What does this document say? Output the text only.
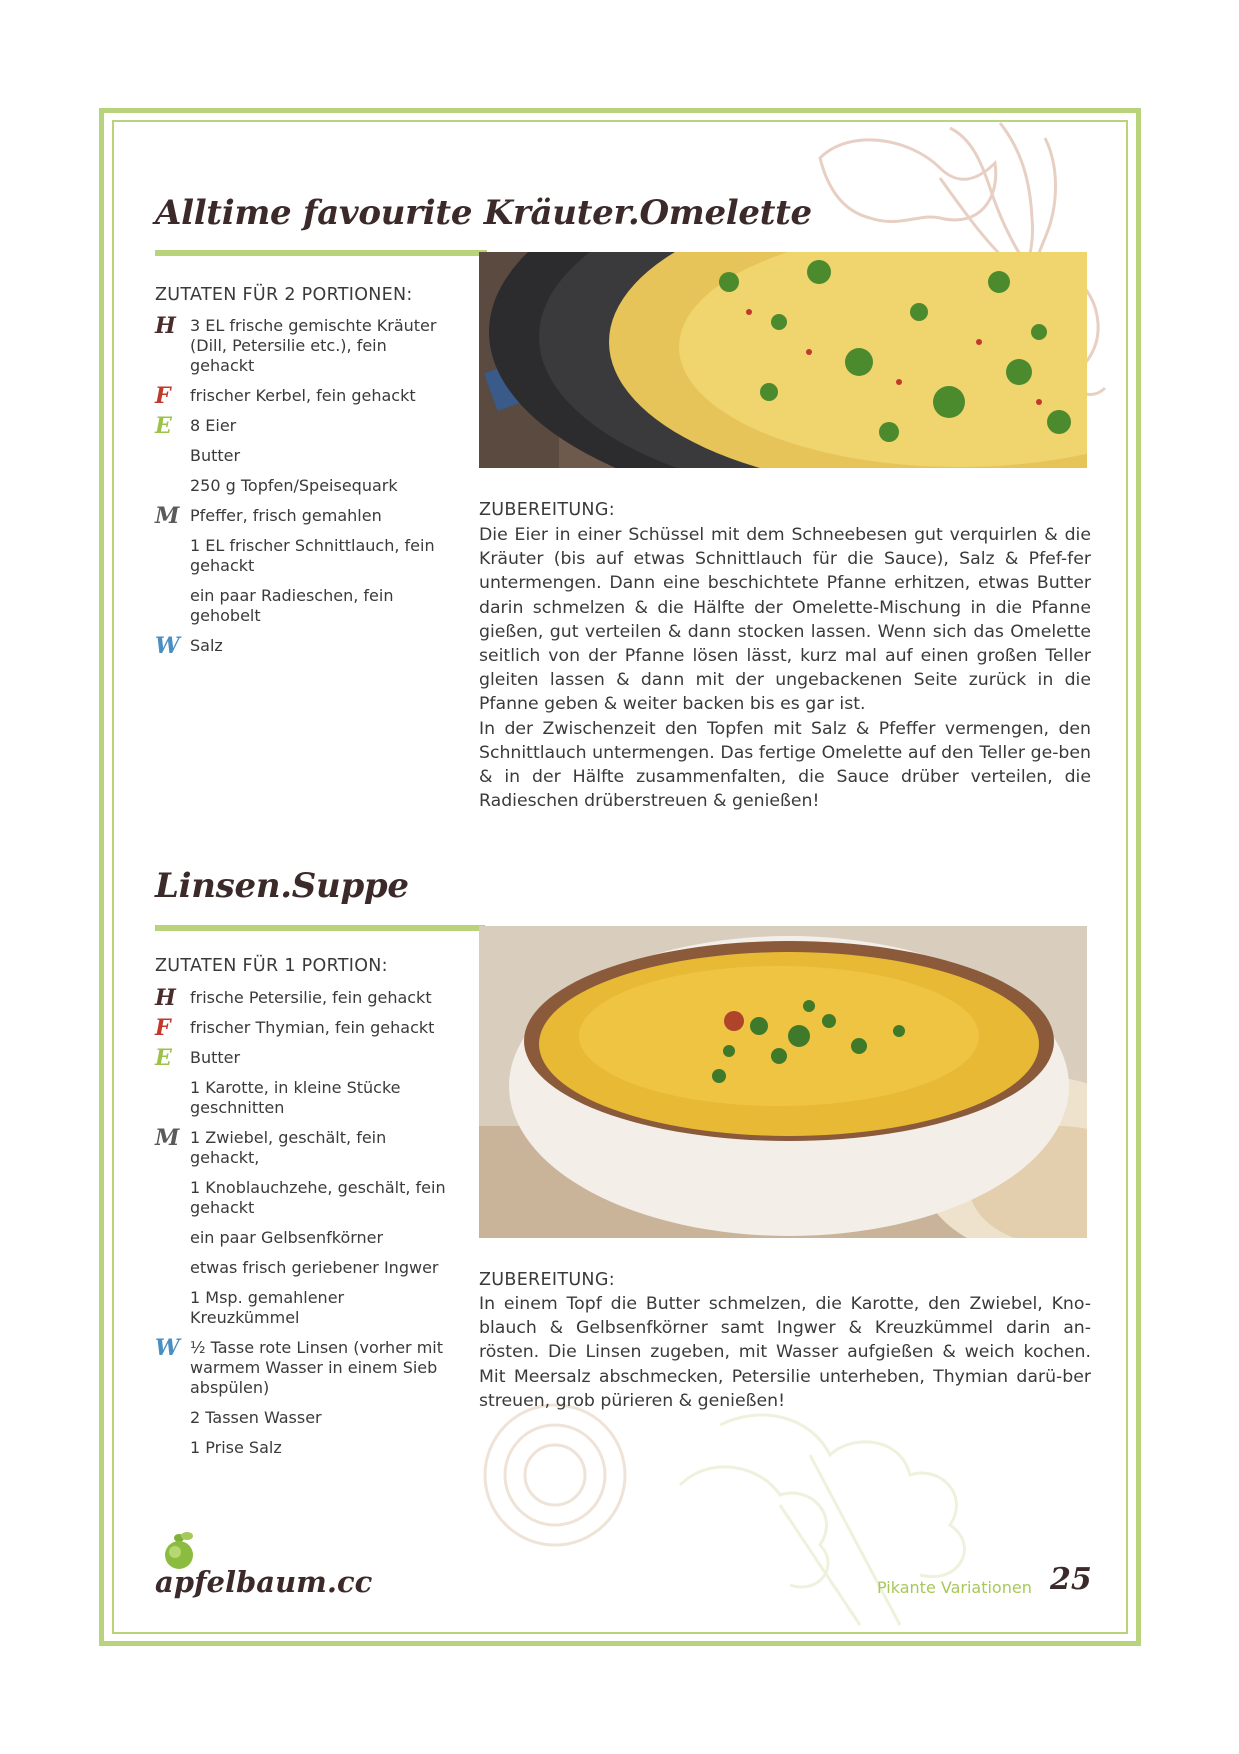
Alltime favourite Kräuter.Omelette
ZUTATEN FÜR 2 PORTIONEN:
H 3 EL frische gemischte Kräuter (Dill, Petersilie etc.), fein gehackt
F frischer Kerbel, fein gehackt
E 8 Eier
Butter
250 g Topfen/Speisequark
M Pfeffer, frisch gemahlen
1 EL frischer Schnittlauch, fein gehackt
ein paar Radieschen, fein gehobelt
W Salz
ZUBEREITUNG:

Die Eier in einer Schüssel mit dem Schneebesen gut verquirlen & die Kräuter (bis auf etwas Schnittlauch für die Sauce), Salz & Pfef-fer untermengen. Dann eine beschichtete Pfanne erhitzen, etwas Butter darin schmelzen & die Hälfte der Omelette-Mischung in die Pfanne gießen, gut verteilen & dann stocken lassen. Wenn sich das Omelette seitlich von der Pfanne lösen lässt, kurz mal auf einen großen Teller gleiten lassen & dann mit der ungebackenen Seite zurück in die Pfanne geben & weiter backen bis es gar ist.
In der Zwischenzeit den Topfen mit Salz & Pfeffer vermengen, den Schnittlauch untermengen. Das fertige Omelette auf den Teller ge-ben & in der Hälfte zusammenfalten, die Sauce drüber verteilen, die Radieschen drüberstreuen & genießen!

Linsen.Suppe
ZUTATEN FÜR 1 PORTION:
H frische Petersilie, fein gehackt
F frischer Thymian, fein gehackt
E Butter
1 Karotte, in kleine Stücke geschnitten
M 1 Zwiebel, geschält, fein gehackt,
1 Knoblauchzehe, geschält, fein gehackt
ein paar Gelbsenfkörner
etwas frisch geriebener Ingwer
1 Msp. gemahlener Kreuzkümmel
W ½ Tasse rote Linsen (vorher mit warmem Wasser in einem Sieb abspülen)
2 Tassen Wasser
1 Prise Salz
ZUBEREITUNG:

In einem Topf die Butter schmelzen, die Karotte, den Zwiebel, Kno-blauch & Gelbsenfkörner samt Ingwer & Kreuzkümmel darin an-rösten. Die Linsen zugeben, mit Wasser aufgießen & weich kochen. Mit Meersalz abschmecken, Petersilie unterheben, Thymian darü-ber streuen, grob pürieren & genießen!

apfelbaum.cc	Pikante Variationen 25
